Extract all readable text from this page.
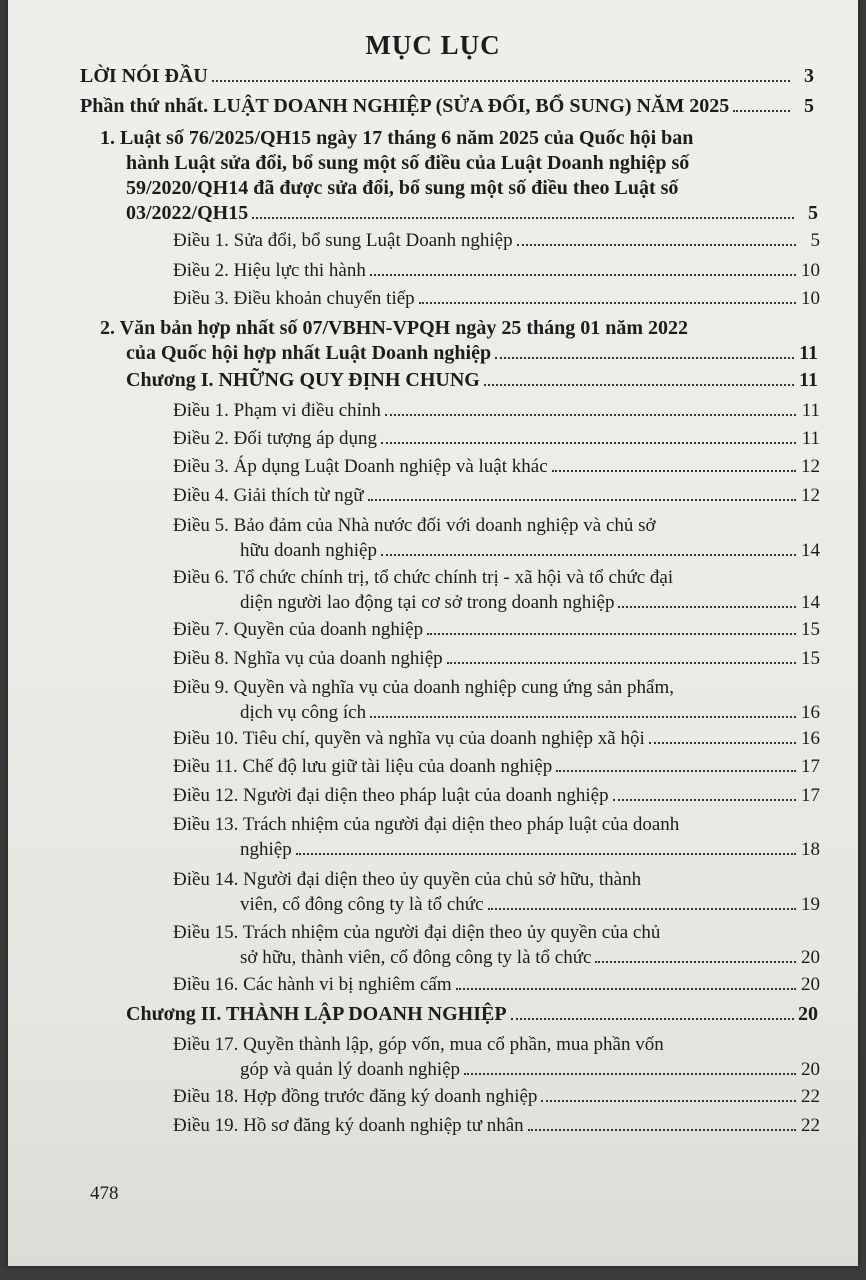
MỤC LỤC
LỜI NÓI ĐẦU	3
Phần thứ nhất. LUẬT DOANH NGHIỆP (SỬA ĐỔI, BỔ SUNG) NĂM 2025	5
1. Luật số 76/2025/QH15 ngày 17 tháng 6 năm 2025 của Quốc hội ban
hành Luật sửa đổi, bổ sung một số điều của Luật Doanh nghiệp số
59/2020/QH14 đã được sửa đổi, bổ sung một số điều theo Luật số
03/2022/QH15	5
Điều 1. Sửa đổi, bổ sung Luật Doanh nghiệp	5
Điều 2. Hiệu lực thi hành	10
Điều 3. Điều khoản chuyển tiếp	10
2. Văn bản hợp nhất số 07/VBHN-VPQH ngày 25 tháng 01 năm 2022
của Quốc hội hợp nhất Luật Doanh nghiệp	11
Chương I. NHỮNG QUY ĐỊNH CHUNG	11
Điều 1. Phạm vi điều chỉnh	11
Điều 2. Đối tượng áp dụng	11
Điều 3. Áp dụng Luật Doanh nghiệp và luật khác	12
Điều 4. Giải thích từ ngữ	12
Điều 5. Bảo đảm của Nhà nước đối với doanh nghiệp và chủ sở
hữu doanh nghiệp	14
Điều 6. Tổ chức chính trị, tổ chức chính trị - xã hội và tổ chức đại
diện người lao động tại cơ sở trong doanh nghiệp	14
Điều 7. Quyền của doanh nghiệp	15
Điều 8. Nghĩa vụ của doanh nghiệp	15
Điều 9. Quyền và nghĩa vụ của doanh nghiệp cung ứng sản phẩm,
dịch vụ công ích	16
Điều 10. Tiêu chí, quyền và nghĩa vụ của doanh nghiệp xã hội	16
Điều 11. Chế độ lưu giữ tài liệu của doanh nghiệp	17
Điều 12. Người đại diện theo pháp luật của doanh nghiệp	17
Điều 13. Trách nhiệm của người đại diện theo pháp luật của doanh
nghiệp	18
Điều 14. Người đại diện theo ủy quyền của chủ sở hữu, thành
viên, cổ đông công ty là tổ chức	19
Điều 15. Trách nhiệm của người đại diện theo ủy quyền của chủ
sở hữu, thành viên, cổ đông công ty là tổ chức	20
Điều 16. Các hành vi bị nghiêm cấm	20
Chương II. THÀNH LẬP DOANH NGHIỆP	20
Điều 17. Quyền thành lập, góp vốn, mua cổ phần, mua phần vốn
góp và quản lý doanh nghiệp	20
Điều 18. Hợp đồng trước đăng ký doanh nghiệp	22
Điều 19. Hồ sơ đăng ký doanh nghiệp tư nhân	22
478
